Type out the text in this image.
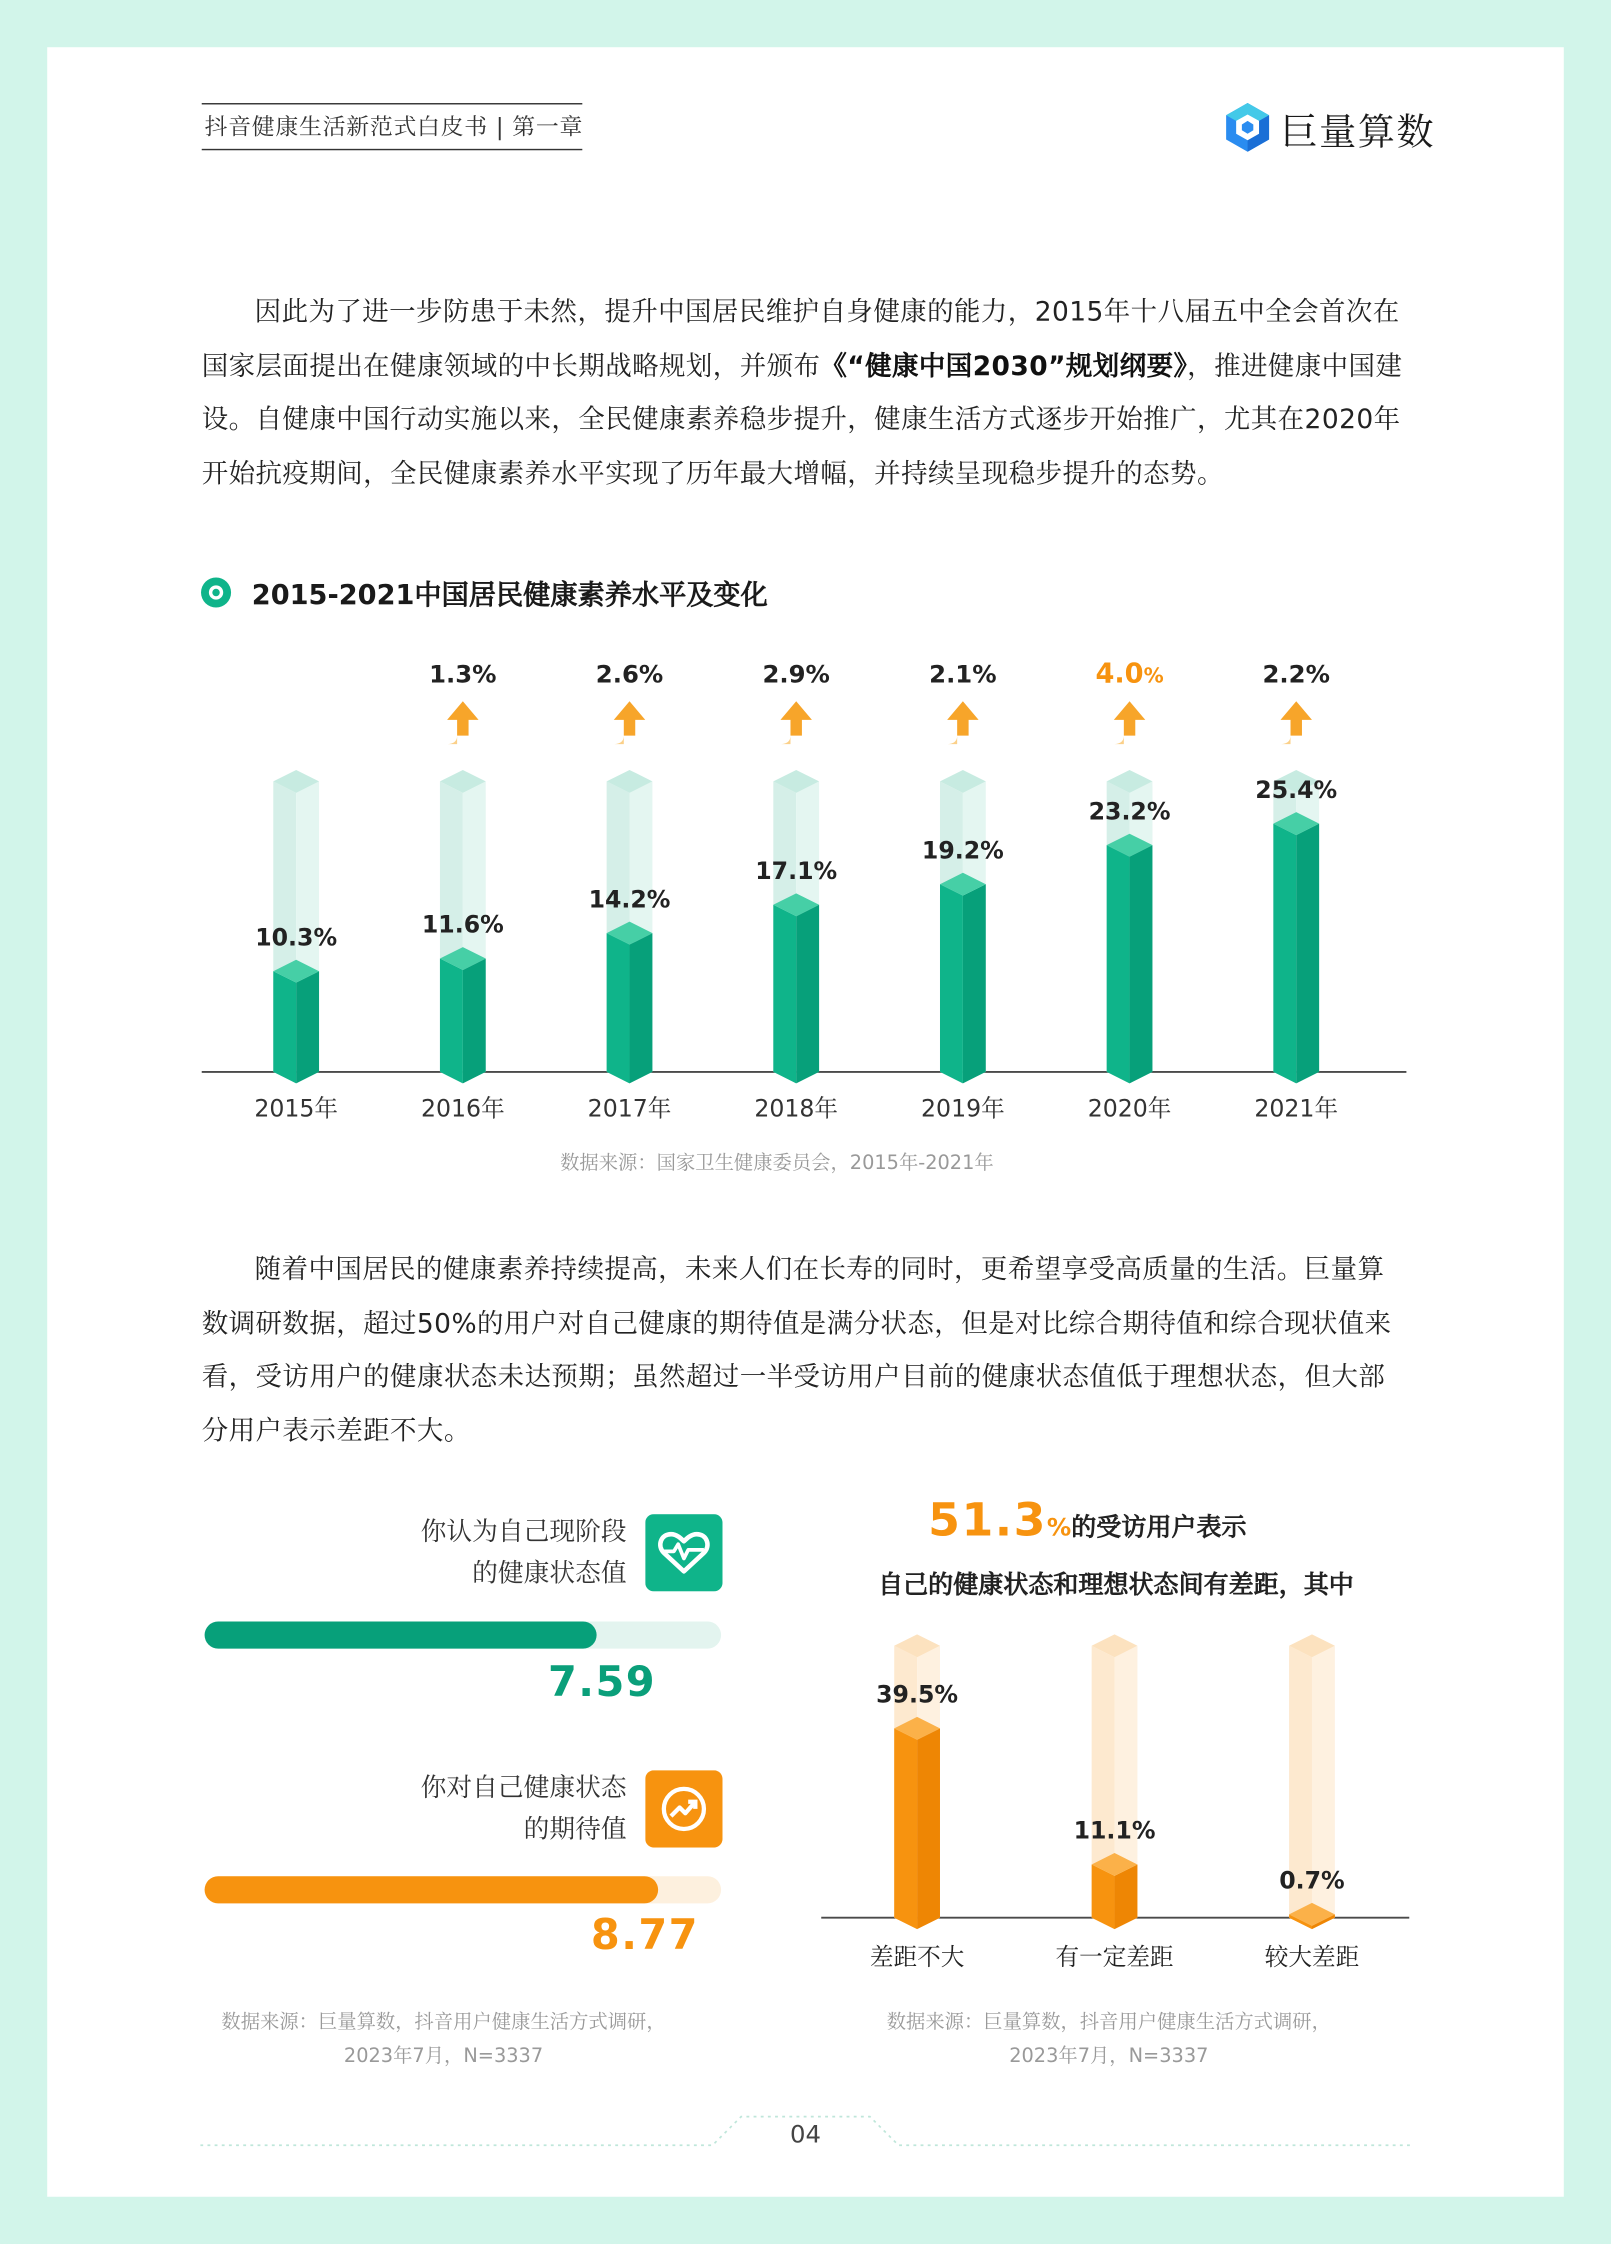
抖音健康生活新范式白皮书 | 第一章	巨量算数

因此为了进一步防患于未然，提升中国居民维护自身健康的能力，2015年十八届五中全会首次在国家层面提出在健康领域的中长期战略规划，并颁布《“健康中国2030”规划纲要》，推进健康中国建设。自健康中国行动实施以来，全民健康素养稳步提升，健康生活方式逐步开始推广，尤其在2020年开始抗疫期间，全民健康素养水平实现了历年最大增幅，并持续呈现稳步提升的态势。

2015-2021中国居民健康素养水平及变化
10.3%
2015年
11.6%
2016年
1.3%
14.2%
2017年
2.6%
17.1%
2018年
2.9%
19.2%
2019年
2.1%
23.2%
2020年
4.0%
25.4%
2021年
2.2%
数据来源：国家卫生健康委员会，2015年-2021年

随着中国居民的健康素养持续提高，未来人们在长寿的同时，更希望享受高质量的生活。巨量算数调研数据，超过50%的用户对自己健康的期待值是满分状态，但是对比综合期待值和综合现状值来看，受访用户的健康状态未达预期；虽然超过一半受访用户目前的健康状态值低于理想状态，但大部分用户表示差距不大。

你认为自己现阶段
的健康状态值
7.59
你对自己健康状态
的期待值
8.77
数据来源：巨量算数，抖音用户健康生活方式调研，
2023年7月，N=3337
51.3%的受访用户表示
自己的健康状态和理想状态间有差距，其中
39.5%
差距不大
11.1%
有一定差距
0.7%
较大差距
数据来源：巨量算数，抖音用户健康生活方式调研，
2023年7月，N=3337
04
